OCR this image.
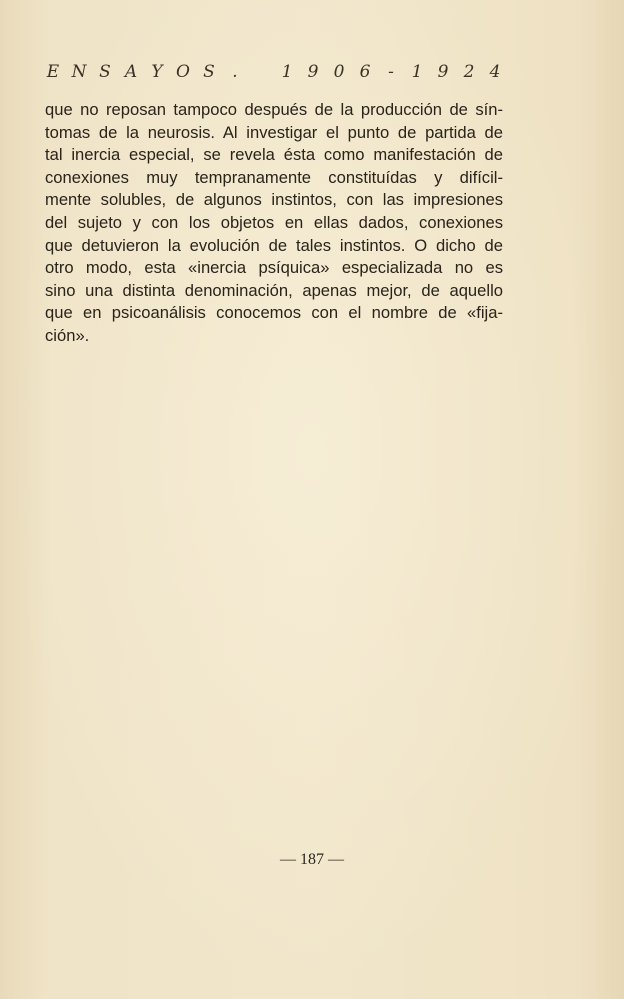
E N S A Y O S	.	1 9 0 6	-	1 9 2 4
que no reposan tampoco después de la producción de sín-
tomas de la neurosis. Al investigar el punto de partida de
tal inercia especial, se revela ésta como manifestación de
conexiones muy tempranamente constituídas y difícil-
mente solubles, de algunos instintos, con las impresiones
del sujeto y con los objetos en ellas dados, conexiones
que detuvieron la evolución de tales instintos. O dicho de
otro modo, esta «inercia psíquica» especializada no es
sino una distinta denominación, apenas mejor, de aquello
que en psicoanálisis conocemos con el nombre de «fija-
ción».
— 187 —
